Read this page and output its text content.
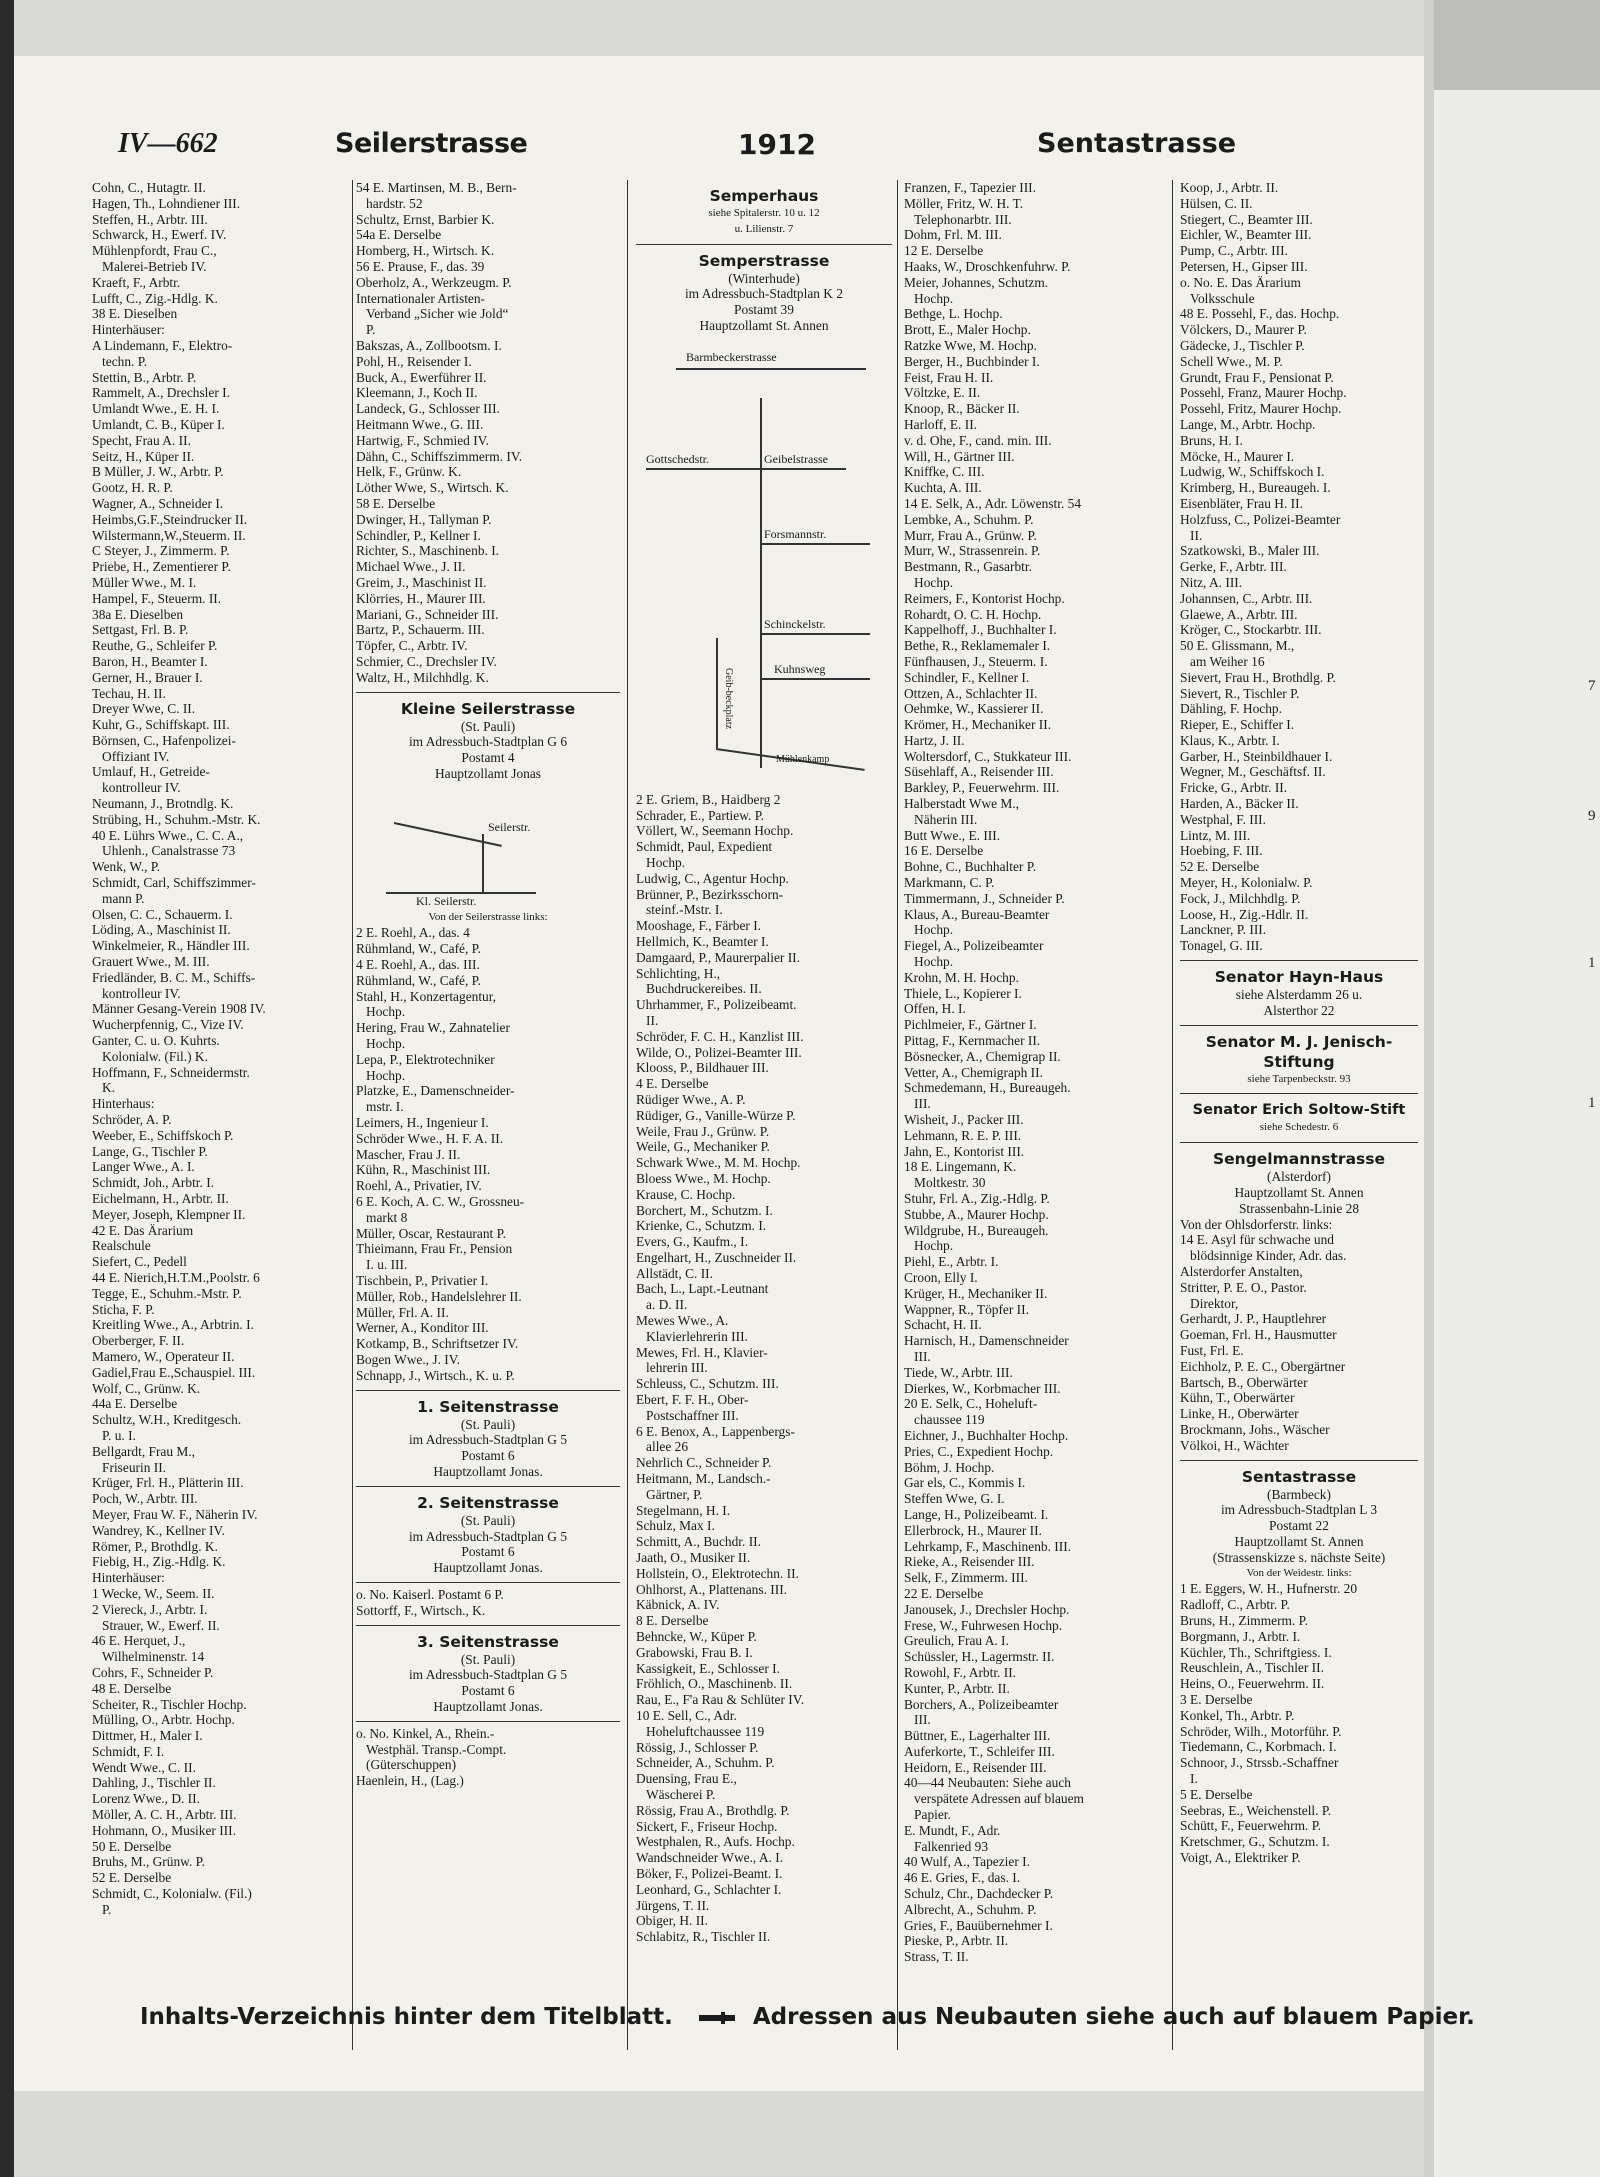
7
9
1
1
IV—662	Seilerstrasse	1912	Sentastrasse
Cohn, C., Hutagtr. II.
Hagen, Th., Lohndiener III.
Steffen, H., Arbtr. III.
Schwarck, H., Ewerf. IV.
Mühlenpfordt, Frau C.,
Malerei-Betrieb IV.
Kraeft, F., Arbtr.
Lufft, C., Zig.-Hdlg. K.
38 E. Dieselben
Hinterhäuser:
A Lindemann, F., Elektro-
techn. P.
Stettin, B., Arbtr. P.
Rammelt, A., Drechsler I.
Umlandt Wwe., E. H. I.
Umlandt, C. B., Küper I.
Specht, Frau A. II.
Seitz, H., Küper II.
B Müller, J. W., Arbtr. P.
Gootz, H. R. P.
Wagner, A., Schneider I.
Heimbs,G.F.,Steindrucker II.
Wilstermann,W.,Steuerm. II.
C Steyer, J., Zimmerm. P.
Priebe, H., Zementierer P.
Müller Wwe., M. I.
Hampel, F., Steuerm. II.
38a E. Dieselben
Settgast, Frl. B. P.
Reuthe, G., Schleifer P.
Baron, H., Beamter I.
Gerner, H., Brauer I.
Techau, H. II.
Dreyer Wwe, C. II.
Kuhr, G., Schiffskapt. III.
Börnsen, C., Hafenpolizei-
Offiziant IV.
Umlauf, H., Getreide-
kontrolleur IV.
Neumann, J., Brotndlg. K.
Strübing, H., Schuhm.-Mstr. K.
40 E. Lührs Wwe., C. C. A.,
Uhlenh., Canalstrasse 73
Wenk, W., P.
Schmidt, Carl, Schiffszimmer-
mann P.
Olsen, C. C., Schauerm. I.
Löding, A., Maschinist II.
Winkelmeier, R., Händler III.
Grauert Wwe., M. III.
Friedländer, B. C. M., Schiffs-
kontrolleur IV.
Männer Gesang-Verein 1908 IV.
Wucherpfennig, C., Vize IV.
Ganter, C. u. O. Kuhrts.
Kolonialw. (Fil.) K.
Hoffmann, F., Schneidermstr.
K.
Hinterhaus:
Schröder, A. P.
Weeber, E., Schiffskoch P.
Lange, G., Tischler P.
Langer Wwe., A. I.
Schmidt, Joh., Arbtr. I.
Eichelmann, H., Arbtr. II.
Meyer, Joseph, Klempner II.
42 E. Das Ärarium
Realschule
Siefert, C., Pedell
44 E. Nierich,H.T.M.,Poolstr. 6
Tegge, E., Schuhm.-Mstr. P.
Sticha, F. P.
Kreitling Wwe., A., Arbtrin. I.
Oberberger, F. II.
Mamero, W., Operateur II.
Gadiel,Frau E.,Schauspiel. III.
Wolf, C., Grünw. K.
44a E. Derselbe
Schultz, W.H., Kreditgesch.
P. u. I.
Bellgardt, Frau M.,
Friseurin II.
Krüger, Frl. H., Plätterin III.
Poch, W., Arbtr. III.
Meyer, Frau W. F., Näherin IV.
Wandrey, K., Kellner IV.
Römer, P., Brothdlg. K.
Fiebig, H., Zig.-Hdlg. K.
Hinterhäuser:
1 Wecke, W., Seem. II.
2 Viereck, J., Arbtr. I.
Strauer, W., Ewerf. II.
46 E. Herquet, J.,
Wilhelminenstr. 14
Cohrs, F., Schneider P.
48 E. Derselbe
Scheiter, R., Tischler Hochp.
Mülling, O., Arbtr. Hochp.
Dittmer, H., Maler I.
Schmidt, F. I.
Wendt Wwe., C. II.
Dahling, J., Tischler II.
Lorenz Wwe., D. II.
Möller, A. C. H., Arbtr. III.
Hohmann, O., Musiker III.
50 E. Derselbe
Bruhs, M., Grünw. P.
52 E. Derselbe
Schmidt, C., Kolonialw. (Fil.)
P.
54 E. Martinsen, M. B., Bern-
hardstr. 52
Schultz, Ernst, Barbier K.
54a E. Derselbe
Homberg, H., Wirtsch. K.
56 E. Prause, F., das. 39
Oberholz, A., Werkzeugm. P.
Internationaler Artisten-
Verband „Sicher wie Jold“
P.
Bakszas, A., Zollbootsm. I.
Pohl, H., Reisender I.
Buck, A., Ewerführer II.
Kleemann, J., Koch II.
Landeck, G., Schlosser III.
Heitmann Wwe., G. III.
Hartwig, F., Schmied IV.
Dähn, C., Schiffszimmerm. IV.
Helk, F., Grünw. K.
Löther Wwe, S., Wirtsch. K.
58 E. Derselbe
Dwinger, H., Tallyman P.
Schindler, P., Kellner I.
Richter, S., Maschinenb. I.
Michael Wwe., J. II.
Greim, J., Maschinist II.
Klörries, H., Maurer III.
Mariani, G., Schneider III.
Bartz, P., Schauerm. III.
Töpfer, C., Arbtr. IV.
Schmier, C., Drechsler IV.
Waltz, H., Milchhdlg. K.
Kleine Seilerstrasse
(St. Pauli)
im Adressbuch-Stadtplan G 6
Postamt 4
Hauptzollamt Jonas
Seilerstr.
Kl. Seilerstr.
Von der Seilerstrasse links:
2 E. Roehl, A., das. 4
Rühmland, W., Café, P.
4 E. Roehl, A., das. III.
Rühmland, W., Café, P.
Stahl, H., Konzertagentur,
Hochp.
Hering, Frau W., Zahnatelier
Hochp.
Lepa, P., Elektrotechniker
Hochp.
Platzke, E., Damenschneider-
mstr. I.
Leimers, H., Ingenieur I.
Schröder Wwe., H. F. A. II.
Mascher, Frau J. II.
Kühn, R., Maschinist III.
Roehl, A., Privatier, IV.
6 E. Koch, A. C. W., Grossneu-
markt 8
Müller, Oscar, Restaurant P.
Thieimann, Frau Fr., Pension
I. u. III.
Tischbein, P., Privatier I.
Müller, Rob., Handelslehrer II.
Müller, Frl. A. II.
Werner, A., Konditor III.
Kotkamp, B., Schriftsetzer IV.
Bogen Wwe., J. IV.
Schnapp, J., Wirtsch., K. u. P.
1. Seitenstrasse
(St. Pauli)
im Adressbuch-Stadtplan G 5
Postamt 6
Hauptzollamt Jonas.
2. Seitenstrasse
(St. Pauli)
im Adressbuch-Stadtplan G 5
Postamt 6
Hauptzollamt Jonas.
o. No. Kaiserl. Postamt 6 P.
Sottorff, F., Wirtsch., K.
3. Seitenstrasse
(St. Pauli)
im Adressbuch-Stadtplan G 5
Postamt 6
Hauptzollamt Jonas.
o. No. Kinkel, A., Rhein.-
Westphäl. Transp.-Compt.
(Güterschuppen)
Haenlein, H., (Lag.)
Semperhaus
siehe Spitalerstr. 10 u. 12
u. Lilienstr. 7
Semperstrasse
(Winterhude)
im Adressbuch-Stadtplan K 2
Postamt 39
Hauptzollamt St. Annen
Barmbeckerstrasse
Gottschedstr.	Geibelstrasse
Forsmannstr.
Schinckelstr.
Kuhnsweg
Geib-beckplatz
Mühlenkamp
2 E. Griem, B., Haidberg 2
Schrader, E., Partiew. P.
Völlert, W., Seemann Hochp.
Schmidt, Paul, Expedient
Hochp.
Ludwig, C., Agentur Hochp.
Brünner, P., Bezirksschorn-
steinf.-Mstr. I.
Mooshage, F., Färber I.
Hellmich, K., Beamter I.
Damgaard, P., Maurerpalier II.
Schlichting, H.,
Buchdruckereibes. II.
Uhrhammer, F., Polizeibeamt.
II.
Schröder, F. C. H., Kanzlist III.
Wilde, O., Polizei-Beamter III.
Klooss, P., Bildhauer III.
4 E. Derselbe
Rüdiger Wwe., A. P.
Rüdiger, G., Vanille-Würze P.
Weile, Frau J., Grünw. P.
Weile, G., Mechaniker P.
Schwark Wwe., M. M. Hochp.
Bloess Wwe., M. Hochp.
Krause, C. Hochp.
Borchert, M., Schutzm. I.
Krienke, C., Schutzm. I.
Evers, G., Kaufm., I.
Engelhart, H., Zuschneider II.
Allstädt, C. II.
Bach, L., Lapt.-Leutnant
a. D. II.
Mewes Wwe., A.
Klavierlehrerin III.
Mewes, Frl. H., Klavier-
lehrerin III.
Schleuss, C., Schutzm. III.
Ebert, F. F. H., Ober-
Postschaffner III.
6 E. Benox, A., Lappenbergs-
allee 26
Nehrlich C., Schneider P.
Heitmann, M., Landsch.-
Gärtner, P.
Stegelmann, H. I.
Schulz, Max I.
Schmitt, A., Buchdr. II.
Jaath, O., Musiker II.
Hollstein, O., Elektrotechn. II.
Ohlhorst, A., Plattenans. III.
Käbnick, A. IV.
8 E. Derselbe
Behncke, W., Küper P.
Grabowski, Frau B. I.
Kassigkeit, E., Schlosser I.
Fröhlich, O., Maschinenb. II.
Rau, E., F'a Rau & Schlüter IV.
10 E. Sell, C., Adr.
Hoheluftchaussee 119
Rössig, J., Schlosser P.
Schneider, A., Schuhm. P.
Duensing, Frau E.,
Wäscherei P.
Rössig, Frau A., Brothdlg. P.
Sickert, F., Friseur Hochp.
Westphalen, R., Aufs. Hochp.
Wandschneider Wwe., A. I.
Böker, F., Polizei-Beamt. I.
Leonhard, G., Schlachter I.
Jürgens, T. II.
Obiger, H. II.
Schlabitz, R., Tischler II.
Franzen, F., Tapezier III.
Möller, Fritz, W. H. T.
Telephonarbtr. III.
Dohm, Frl. M. III.
12 E. Derselbe
Haaks, W., Droschkenfuhrw. P.
Meier, Johannes, Schutzm.
Hochp.
Bethge, L. Hochp.
Brott, E., Maler Hochp.
Ratzke Wwe, M. Hochp.
Berger, H., Buchbinder I.
Feist, Frau H. II.
Völtzke, E. II.
Knoop, R., Bäcker II.
Harloff, E. II.
v. d. Ohe, F., cand. min. III.
Will, H., Gärtner III.
Kniffke, C. III.
Kuchta, A. III.
14 E. Selk, A., Adr. Löwenstr. 54
Lembke, A., Schuhm. P.
Murr, Frau A., Grünw. P.
Murr, W., Strassenrein. P.
Bestmann, R., Gasarbtr.
Hochp.
Reimers, F., Kontorist Hochp.
Rohardt, O. C. H. Hochp.
Kappelhoff, J., Buchhalter I.
Bethe, R., Reklamemaler I.
Fünfhausen, J., Steuerm. I.
Schindler, F., Kellner I.
Ottzen, A., Schlachter II.
Oehmke, W., Kassierer II.
Krömer, H., Mechaniker II.
Hartz, J. II.
Woltersdorf, C., Stukkateur III.
Süsehlaff, A., Reisender III.
Barkley, P., Feuerwehrm. III.
Halberstadt Wwe M.,
Näherin III.
Butt Wwe., E. III.
16 E. Derselbe
Bohne, C., Buchhalter P.
Markmann, C. P.
Timmermann, J., Schneider P.
Klaus, A., Bureau-Beamter
Hochp.
Fiegel, A., Polizeibeamter
Hochp.
Krohn, M. H. Hochp.
Thiele, L., Kopierer I.
Offen, H. I.
Pichlmeier, F., Gärtner I.
Pittag, F., Kernmacher II.
Bösnecker, A., Chemigrap II.
Vetter, A., Chemigraph II.
Schmedemann, H., Bureaugeh.
III.
Wisheit, J., Packer III.
Lehmann, R. E. P. III.
Jahn, E., Kontorist III.
18 E. Lingemann, K.
Moltkestr. 30
Stuhr, Frl. A., Zig.-Hdlg. P.
Stubbe, A., Maurer Hochp.
Wildgrube, H., Bureaugeh.
Hochp.
Piehl, E., Arbtr. I.
Croon, Elly I.
Krüger, H., Mechaniker II.
Wappner, R., Töpfer II.
Schacht, H. II.
Harnisch, H., Damenschneider
III.
Tiede, W., Arbtr. III.
Dierkes, W., Korbmacher III.
20 E. Selk, C., Hoheluft-
chaussee 119
Eichner, J., Buchhalter Hochp.
Pries, C., Expedient Hochp.
Böhm, J. Hochp.
Gar els, C., Kommis I.
Steffen Wwe, G. I.
Lange, H., Polizeibeamt. I.
Ellerbrock, H., Maurer II.
Lehrkamp, F., Maschinenb. III.
Rieke, A., Reisender III.
Selk, F., Zimmerm. III.
22 E. Derselbe
Janousek, J., Drechsler Hochp.
Frese, W., Fuhrwesen Hochp.
Greulich, Frau A. I.
Schüssler, H., Lagermstr. II.
Rowohl, F., Arbtr. II.
Kunter, P., Arbtr. II.
Borchers, A., Polizeibeamter
III.
Büttner, E., Lagerhalter III.
Auferkorte, T., Schleifer III.
Heidorn, E., Reisender III.
40—44 Neubauten: Siehe auch
verspätete Adressen auf blauem
Papier.
E. Mundt, F., Adr.
Falkenried 93
40 Wulf, A., Tapezier I.
46 E. Gries, F., das. I.
Schulz, Chr., Dachdecker P.
Albrecht, A., Schuhm. P.
Gries, F., Bauübernehmer I.
Pieske, P., Arbtr. II.
Strass, T. II.
Koop, J., Arbtr. II.
Hülsen, C. II.
Stiegert, C., Beamter III.
Eichler, W., Beamter III.
Pump, C., Arbtr. III.
Petersen, H., Gipser III.
o. No. E. Das Ärarium
Volksschule
48 E. Possehl, F., das. Hochp.
Völckers, D., Maurer P.
Gädecke, J., Tischler P.
Schell Wwe., M. P.
Grundt, Frau F., Pensionat P.
Possehl, Franz, Maurer Hochp.
Possehl, Fritz, Maurer Hochp.
Lange, M., Arbtr. Hochp.
Bruns, H. I.
Möcke, H., Maurer I.
Ludwig, W., Schiffskoch I.
Krimberg, H., Bureaugeh. I.
Eisenbläter, Frau H. II.
Holzfuss, C., Polizei-Beamter
II.
Szatkowski, B., Maler III.
Gerke, F., Arbtr. III.
Nitz, A. III.
Johannsen, C., Arbtr. III.
Glaewe, A., Arbtr. III.
Kröger, C., Stockarbtr. III.
50 E. Glissmann, M.,
am Weiher 16
Sievert, Frau H., Brothdlg. P.
Sievert, R., Tischler P.
Dähling, F. Hochp.
Rieper, E., Schiffer I.
Klaus, K., Arbtr. I.
Garber, H., Steinbildhauer I.
Wegner, M., Geschäftsf. II.
Fricke, G., Arbtr. II.
Harden, A., Bäcker II.
Westphal, F. III.
Lintz, M. III.
Hoebing, F. III.
52 E. Derselbe
Meyer, H., Kolonialw. P.
Fock, J., Milchhdlg. P.
Loose, H., Zig.-Hdlr. II.
Lanckner, P. III.
Tonagel, G. III.
Senator Hayn-Haus
siehe Alsterdamm 26 u.
Alsterthor 22
Senator M. J. Jenisch-
Stiftung
siehe Tarpenbeckstr. 93
Senator Erich Soltow-Stift
siehe Schedestr. 6
Sengelmannstrasse
(Alsterdorf)
Hauptzollamt St. Annen
Strassenbahn-Linie 28
Von der Ohlsdorferstr. links:
14 E. Asyl für schwache und
blödsinnige Kinder, Adr. das.
Alsterdorfer Anstalten,
Stritter, P. E. O., Pastor.
Direktor,
Gerhardt, J. P., Hauptlehrer
Goeman, Frl. H., Hausmutter
Fust, Frl. E.
Eichholz, P. E. C., Obergärtner
Bartsch, B., Oberwärter
Kühn, T., Oberwärter
Linke, H., Oberwärter
Brockmann, Johs., Wäscher
Völkoi, H., Wächter
Sentastrasse
(Barmbeck)
im Adressbuch-Stadtplan L 3
Postamt 22
Hauptzollamt St. Annen
(Strassenskizze s. nächste Seite)
Von der Weidestr. links:
1 E. Eggers, W. H., Hufnerstr. 20
Radloff, C., Arbtr. P.
Bruns, H., Zimmerm. P.
Borgmann, J., Arbtr. I.
Küchler, Th., Schriftgiess. I.
Reuschlein, A., Tischler II.
Heins, O., Feuerwehrm. II.
3 E. Derselbe
Konkel, Th., Arbtr. P.
Schröder, Wilh., Motorführ. P.
Tiedemann, C., Korbmach. I.
Schnoor, J., Strssb.-Schaffner
I.
5 E. Derselbe
Seebras, E., Weichenstell. P.
Schütt, F., Feuerwehrm. P.
Kretschmer, G., Schutzm. I.
Voigt, A., Elektriker P.
Inhalts-Verzeichnis hinter dem Titelblatt.	Adressen aus Neubauten siehe auch auf blauem Papier.
